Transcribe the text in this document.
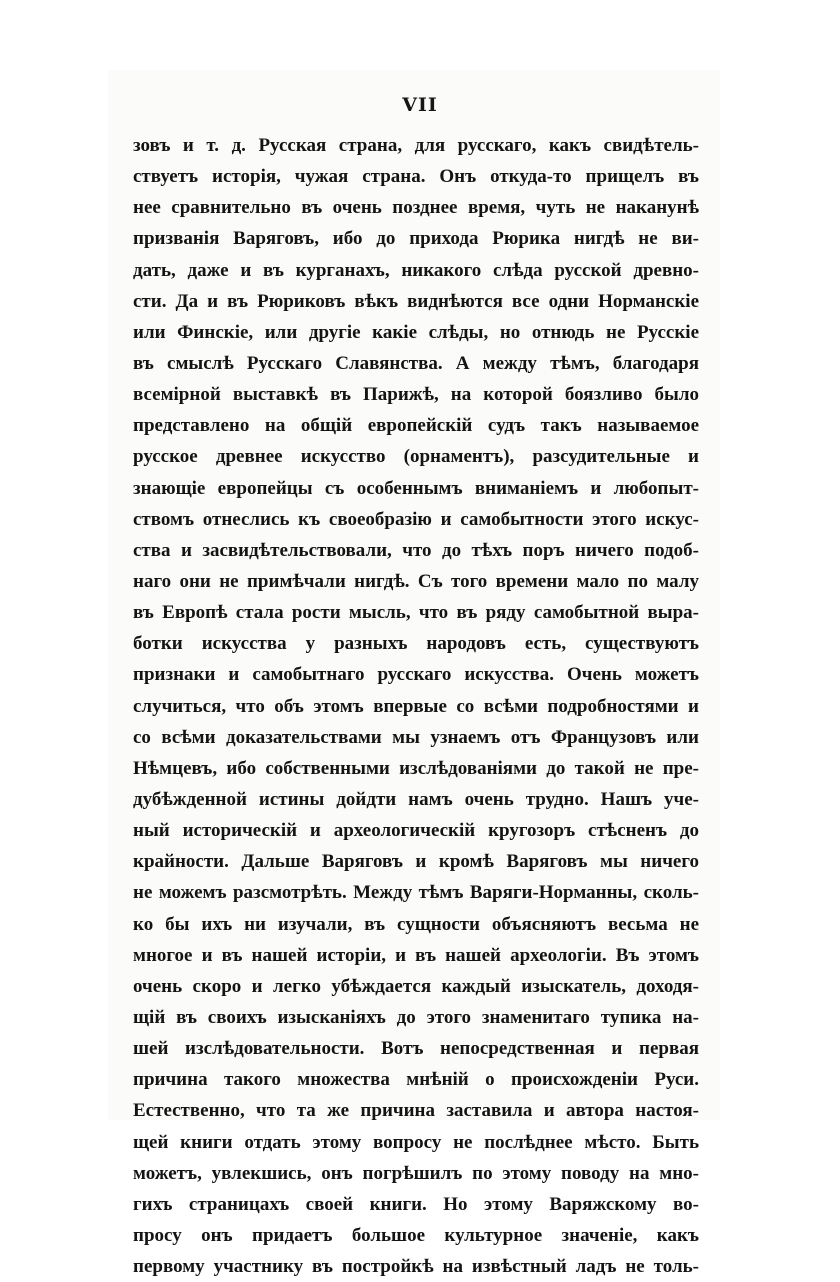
VII
зовъ и т. д. Русская страна, для русскаго, какъ свидѣтель-
ствуетъ исторія, чужая страна. Онъ откуда-то прищелъ въ
нее сравнительно въ очень позднее время, чуть не наканунѣ
призванія Варяговъ, ибо до прихода Рюрика нигдѣ не ви-
дать, даже и въ курганахъ, никакого слѣда русской древно-
сти. Да и въ Рюриковъ вѣкъ виднѣются все одни Норманскіе
или Финскіе, или другіе какіе слѣды, но отнюдь не Русскіе
въ смыслѣ Русскаго Славянства. А между тѣмъ, благодаря
всемірной выставкѣ въ Парижѣ, на которой боязливо было
представлено на общій европейскій судъ такъ называемое
русское древнее искусство (орнаментъ), разсудительные и
знающіе европейцы съ особеннымъ вниманіемъ и любопыт-
ствомъ отнеслись къ своеобразію и самобытности этого искус-
ства и засвидѣтельствовали, что до тѣхъ поръ ничего подоб-
наго они не примѣчали нигдѣ. Съ того времени мало по малу
въ Европѣ стала рости мысль, что въ ряду самобытной выра-
ботки искусства у разныхъ народовъ есть, существуютъ
признаки и самобытнаго русскаго искусства. Очень можетъ
случиться, что объ этомъ впервые со всѣми подробностями и
со всѣми доказательствами мы узнаемъ отъ Французовъ или
Нѣмцевъ, ибо собственными изслѣдованіями до такой не пре-
дубѣжденной истины дойдти намъ очень трудно. Нашъ уче-
ный историческій и археологическій кругозоръ стѣсненъ до
крайности. Дальше Варяговъ и кромѣ Варяговъ мы ничего
не можемъ разсмотрѣть. Между тѣмъ Варяги-Норманны, сколь-
ко бы ихъ ни изучали, въ сущности объясняютъ весьма не
многое и въ нашей исторіи, и въ нашей археологіи. Въ этомъ
очень скоро и легко убѣждается каждый изыскатель, доходя-
щій въ своихъ изысканіяхъ до этого знаменитаго тупика на-
шей изслѣдовательности. Вотъ непосредственная и первая
причина такого множества мнѣній о происхожденіи Руси.
Естественно, что та же причина заставила и автора настоя-
щей книги отдать этому вопросу не послѣднее мѣсто. Быть
можетъ, увлекшись, онъ погрѣшилъ по этому поводу на мно-
гихъ страницахъ своей книги. Но этому Варяжскому во-
просу онъ придаетъ большое культурное значеніе, какъ
первому участнику въ постройкѣ на извѣстный ладъ не толь-
